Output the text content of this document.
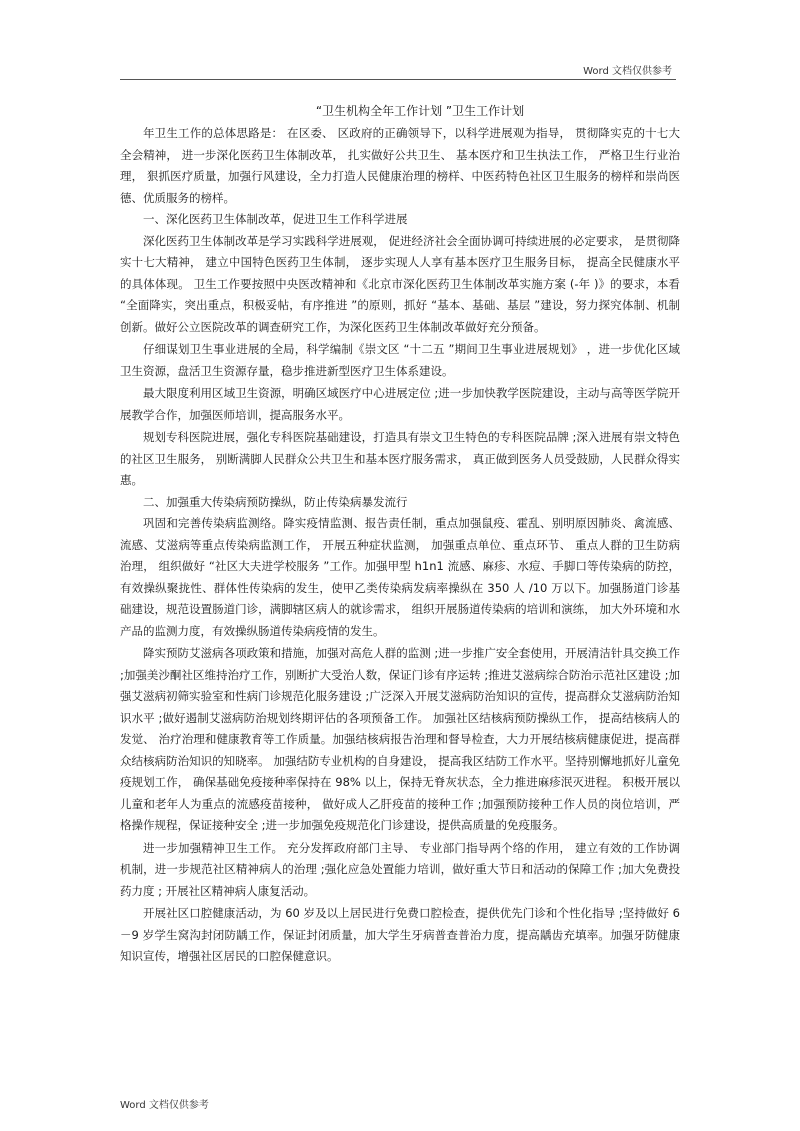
Word 文档仅供参考
“卫生机构全年工作计划 ”卫生工作计划

年卫生工作的总体思路是： 在区委、 区政府的正确领导下，以科学进展观为指导， 贯彻降实克的十七大全会精神， 进一步深化医药卫生体制改革， 扎实做好公共卫生、 基本医疗和卫生执法工作， 严格卫生行业治理， 狠抓医疗质量，加强行风建设，全力打造人民健康治理的榜样、中医药特色社区卫生服务的榜样和崇尚医德、优质服务的榜样。

一、深化医药卫生体制改革，促进卫生工作科学进展

深化医药卫生体制改革是学习实践科学进展观， 促进经济社会全面协调可持续进展的必定要求， 是贯彻降实十七大精神， 建立中国特色医药卫生体制， 逐步实现人人享有基本医疗卫生服务目标， 提高全民健康水平的具体体现。 卫生工作要按照中央医改精神和《北京市深化医药卫生体制改革实施方案 (-年 )》的要求，本看 “全面降实，突出重点，积极妥帖，有序推进 ”的原则，抓好 “基本、基础、基层 ”建设，努力探究体制、机制创新。做好公立医院改革的调查研究工作，为深化医药卫生体制改革做好充分预备。

仔细谋划卫生事业进展的全局，科学编制《崇文区 “十二五 ”期间卫生事业进展规划》 ，进一步优化区域卫生资源，盘活卫生资源存量，稳步推进新型医疗卫生体系建设。

最大限度利用区域卫生资源，明确区域医疗中心进展定位 ;进一步加快教学医院建设，主动与高等医学院开展教学合作，加强医师培训，提高服务水平。

规划专科医院进展，强化专科医院基础建设，打造具有崇文卫生特色的专科医院品牌 ;深入进展有崇文特色的社区卫生服务， 别断满脚人民群众公共卫生和基本医疗服务需求， 真正做到医务人员受鼓励，人民群众得实惠。

二、加强重大传染病预防操纵，防止传染病暴发流行

巩固和完善传染病监测络。降实疫情监测、报告责任制，重点加强鼠疫、霍乱、别明原因肺炎、禽流感、流感、艾滋病等重点传染病监测工作， 开展五种症状监测， 加强重点单位、重点环节、 重点人群的卫生防病治理， 组织做好 “社区大夫进学校服务 ”工作。加强甲型 h1n1 流感、麻疹、水痘、手脚口等传染病的防控，有效操纵聚拢性、群体性传染病的发生，使甲乙类传染病发病率操纵在 350 人 /10 万以下。加强肠道门诊基础建设，规范设置肠道门诊，满脚辖区病人的就诊需求， 组织开展肠道传染病的培训和演练， 加大外环境和水产品的监测力度，有效操纵肠道传染病疫情的发生。

降实预防艾滋病各项政策和措施，加强对高危人群的监测 ;进一步推广安全套使用，开展清洁针具交换工作 ;加强美沙酮社区维持治疗工作，别断扩大受治人数，保证门诊有序运转 ;推进艾滋病综合防治示范社区建设 ;加强艾滋病初筛实验室和性病门诊规范化服务建设 ;广泛深入开展艾滋病防治知识的宣传，提高群众艾滋病防治知识水平 ;做好遏制艾滋病防治规划终期评估的各项预备工作。 加强社区结核病预防操纵工作， 提高结核病人的发觉、 治疗治理和健康教育等工作质量。加强结核病报告治理和督导检查，大力开展结核病健康促进，提高群众结核病防治知识的知晓率。 加强结防专业机构的自身建设， 提高我区结防工作水平。坚持别懈地抓好儿童免疫规划工作， 确保基础免疫接种率保持在 98% 以上，保持无脊灰状态，全力推进麻疹泯灭进程。 积极开展以儿童和老年人为重点的流感疫苗接种， 做好成人乙肝疫苗的接种工作 ;加强预防接种工作人员的岗位培训，严格操作规程，保证接种安全 ;进一步加强免疫规范化门诊建设，提供高质量的免疫服务。

进一步加强精神卫生工作。 充分发挥政府部门主导、 专业部门指导两个络的作用， 建立有效的工作协调机制，进一步规范社区精神病人的治理 ;强化应急处置能力培训，做好重大节日和活动的保障工作 ;加大免费投药力度 ; 开展社区精神病人康复活动。

开展社区口腔健康活动，为 60 岁及以上居民进行免费口腔检查，提供优先门诊和个性化指导 ;坚持做好 6－9 岁学生窝沟封闭防龋工作，保证封闭质量，加大学生牙病普查普治力度，提高龋齿充填率。加强牙防健康知识宣传，增强社区居民的口腔保健意识。

Word 文档仅供参考
